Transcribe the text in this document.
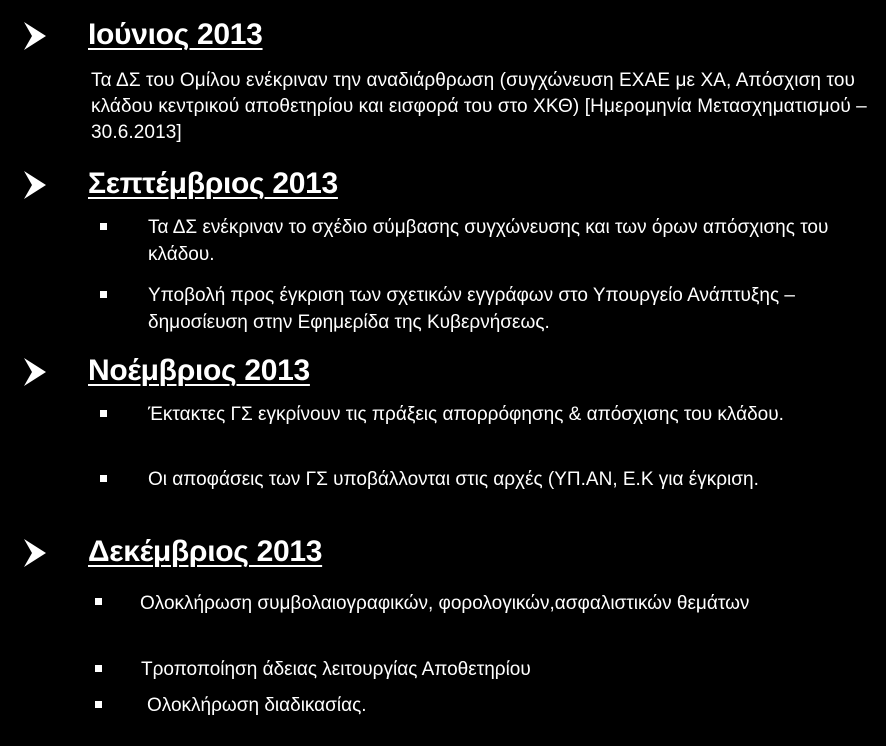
Ιούνιος 2013
Τα ΔΣ του Ομίλου ενέκριναν την αναδιάρθρωση (συγχώνευση ΕΧΑΕ με ΧΑ, Απόσχιση του κλάδου κεντρικού αποθετηρίου και εισφορά του στο ΧΚΘ) [Ημερομηνία Μετασχηματισμού – 30.6.2013]
Σεπτέμβριος 2013
Τα ΔΣ ενέκριναν το σχέδιο σύμβασης συγχώνευσης και των όρων απόσχισης του κλάδου.
Υποβολή προς έγκριση των σχετικών εγγράφων στο Υπουργείο Ανάπτυξης – δημοσίευση στην Εφημερίδα της Κυβερνήσεως.
Νοέμβριος 2013
Έκτακτες ΓΣ εγκρίνουν τις πράξεις απορρόφησης & απόσχισης του κλάδου.
Οι αποφάσεις των ΓΣ υποβάλλονται στις αρχές (ΥΠ.ΑΝ, Ε.Κ για έγκριση.
Δεκέμβριος 2013
Ολοκλήρωση συμβολαιογραφικών, φορολογικών,ασφαλιστικών θεμάτων
Τροποποίηση άδειας λειτουργίας Αποθετηρίου
Ολοκλήρωση διαδικασίας.
